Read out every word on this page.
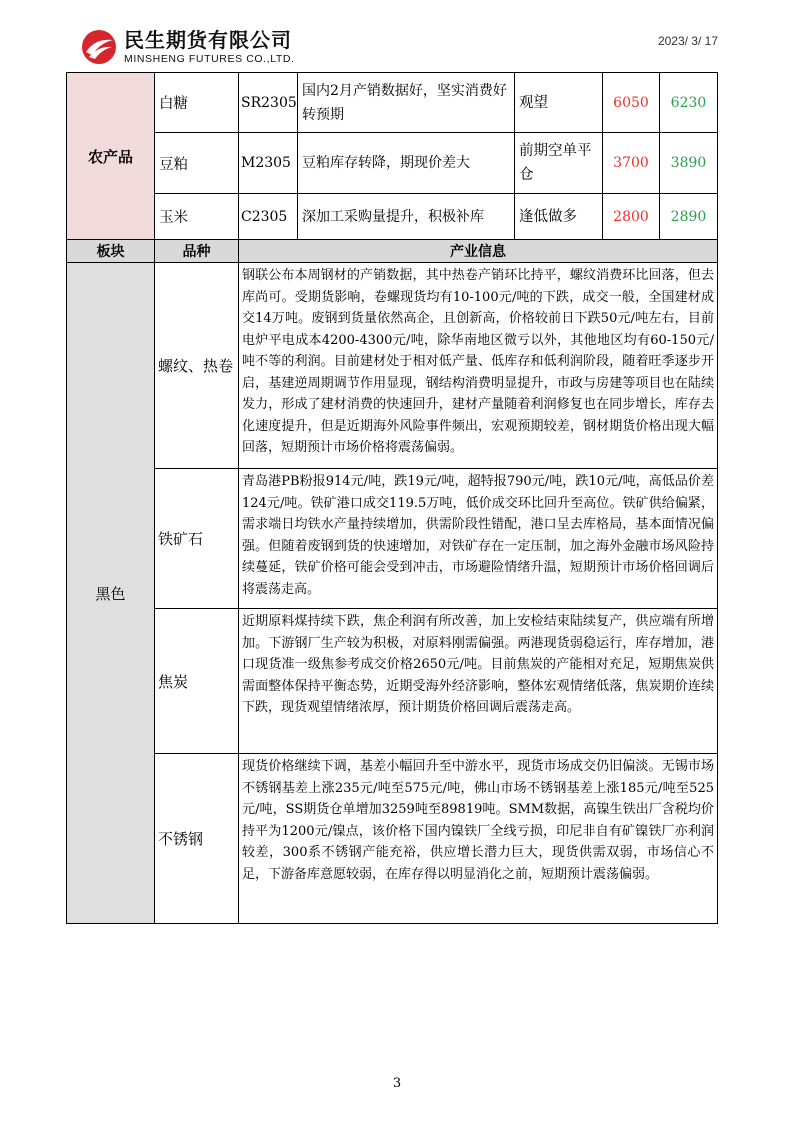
民生期货有限公司
MINSHENG FUTURES CO.,LTD.
2023/ 3/ 17
农产品	白糖	SR2305	国内2月产销数据好，坚实消费好转预期	观望	6050	6230
	豆粕	M2305	豆粕库存转降，期现价差大	前期空单平仓	3700	3890
	玉米	C2305	深加工采购量提升，积极补库	逢低做多	2800	2890
板块	品种	产业信息				
黑色	螺纹、热卷	钢联公布本周钢材的产销数据，其中热卷产销环比持平，螺纹消费环比回落，但去库尚可。受期货影响，卷螺现货均有10-100元/吨的下跌，成交一般，全国建材成交14万吨。废钢到货量依然高企，且创新高，价格较前日下跌50元/吨左右，目前电炉平电成本4200-4300元/吨，除华南地区微亏以外，其他地区均有60-150元/吨不等的利润。目前建材处于相对低产量、低库存和低利润阶段，随着旺季逐步开启，基建逆周期调节作用显现，钢结构消费明显提升，市政与房建等项目也在陆续发力，形成了建材消费的快速回升，建材产量随着利润修复也在同步增长，库存去化速度提升，但是近期海外风险事件频出，宏观预期较差，钢材期货价格出现大幅回落，短期预计市场价格将震荡偏弱。				
	铁矿石	青岛港PB粉报914元/吨，跌19元/吨，超特报790元/吨，跌10元/吨，高低品价差124元/吨。铁矿港口成交119.5万吨，低价成交环比回升至高位。铁矿供给偏紧，需求端日均铁水产量持续增加，供需阶段性错配，港口呈去库格局，基本面情况偏强。但随着废钢到货的快速增加，对铁矿存在一定压制，加之海外金融市场风险持续蔓延，铁矿价格可能会受到冲击，市场避险情绪升温，短期预计市场价格回调后将震荡走高。				
	焦炭	近期原料煤持续下跌，焦企利润有所改善，加上安检结束陆续复产，供应端有所增加。下游钢厂生产较为积极，对原料刚需偏强。两港现货弱稳运行，库存增加，港口现货准一级焦参考成交价格2650元/吨。目前焦炭的产能相对充足，短期焦炭供需面整体保持平衡态势，近期受海外经济影响，整体宏观情绪低落，焦炭期价连续下跌，现货观望情绪浓厚，预计期货价格回调后震荡走高。				
	不锈钢	现货价格继续下调，基差小幅回升至中游水平，现货市场成交仍旧偏淡。无锡市场不锈钢基差上涨235元/吨至575元/吨，佛山市场不锈钢基差上涨185元/吨至525元/吨，SS期货仓单增加3259吨至89819吨。SMM数据，高镍生铁出厂含税均价持平为1200元/镍点，该价格下国内镍铁厂全线亏损，印尼非自有矿镍铁厂亦利润较差，300系不锈钢产能充裕，供应增长潜力巨大，现货供需双弱，市场信心不足，下游备库意愿较弱，在库存得以明显消化之前，短期预计震荡偏弱。				
3
